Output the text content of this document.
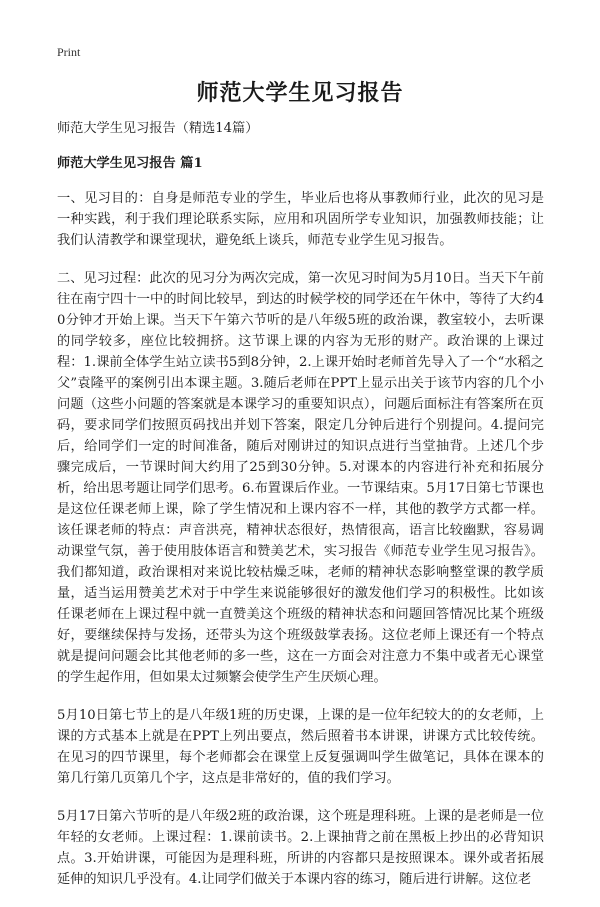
Print
师范大学生见习报告

师范大学生见习报告（精选14篇）

师范大学生见习报告 篇1

一、见习目的：自身是师范专业的学生，毕业后也将从事教师行业，此次的见习是一种实践，利于我们理论联系实际，应用和巩固所学专业知识，加强教师技能；让我们认清教学和课堂现状，避免纸上谈兵，师范专业学生见习报告。

二、见习过程：此次的见习分为两次完成，第一次见习时间为5月10日。当天下午前往在南宁四十一中的时间比较早，到达的时候学校的同学还在午休中，等待了大约40分钟才开始上课。当天下午第六节听的是八年级5班的政治课，教室较小，去听课的同学较多，座位比较拥挤。这节课上课的内容为无形的财产。政治课的上课过程：1.课前全体学生站立读书5到8分钟，2.上课开始时老师首先导入了一个“水稻之父”袁隆平的案例引出本课主题。3.随后老师在PPT上显示出关于该节内容的几个小问题（这些小问题的答案就是本课学习的重要知识点），问题后面标注有答案所在页码，要求同学们按照页码找出并划下答案，限定几分钟后进行个别提问。4.提问完后，给同学们一定的时间准备，随后对刚讲过的知识点进行当堂抽背。上述几个步骤完成后，一节课时间大约用了25到30分钟。5.对课本的内容进行补充和拓展分析，给出思考题让同学们思考。6.布置课后作业。一节课结束。5月17日第七节课也是这位任课老师上课，除了学生情况和上课内容不一样，其他的教学方式都一样。该任课老师的特点：声音洪亮，精神状态很好，热情很高，语言比较幽默，容易调动课堂气氛，善于使用肢体语言和赞美艺术，实习报告《师范专业学生见习报告》。我们都知道，政治课相对来说比较枯燥乏味，老师的精神状态影响整堂课的教学质量，适当运用赞美艺术对于中学生来说能够很好的激发他们学习的积极性。比如该任课老师在上课过程中就一直赞美这个班级的精神状态和问题回答情况比某个班级好，要继续保持与发扬，还带头为这个班级鼓掌表扬。这位老师上课还有一个特点就是提问问题会比其他老师的多一些，这在一方面会对注意力不集中或者无心课堂的学生起作用，但如果太过频繁会使学生产生厌烦心理。

5月10日第七节上的是八年级1班的历史课，上课的是一位年纪较大的的女老师，上课的方式基本上就是在PPT上列出要点，然后照着书本讲课，讲课方式比较传统。在见习的四节课里，每个老师都会在课堂上反复强调叫学生做笔记，具体在课本的第几行第几页第几个字，这点是非常好的，值的我们学习。

5月17日第六节听的是八年级2班的政治课，这个班是理科班。上课的是老师是一位年轻的女老师。上课过程：1.课前读书。2.上课抽背之前在黑板上抄出的必背知识点。3.开始讲课，可能因为是理科班，所讲的内容都只是按照课本。课外或者拓展延伸的知识几乎没有。4.让同学们做关于本课内容的练习，随后进行讲解。这位老
